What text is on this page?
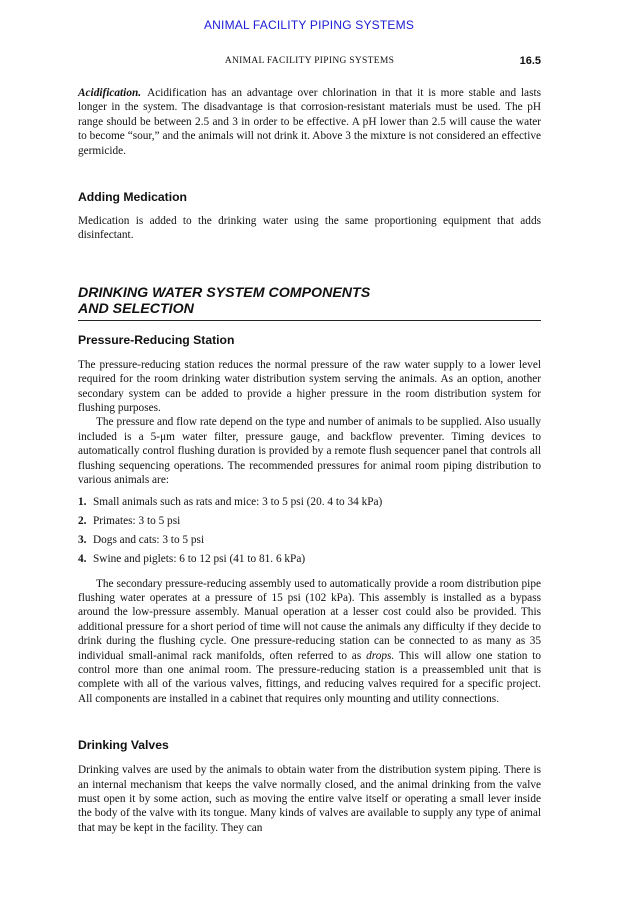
ANIMAL FACILITY PIPING SYSTEMS
ANIMAL FACILITY PIPING SYSTEMS	16.5

Acidification. Acidification has an advantage over chlorination in that it is more stable and lasts longer in the system. The disadvantage is that corrosion-resistant materials must be used. The pH range should be between 2.5 and 3 in order to be effective. A pH lower than 2.5 will cause the water to become “sour,” and the animals will not drink it. Above 3 the mixture is not considered an effective germicide.

Adding Medication

Medication is added to the drinking water using the same proportioning equipment that adds disinfectant.

DRINKING WATER SYSTEM COMPONENTS
AND SELECTION
Pressure-Reducing Station

The pressure-reducing station reduces the normal pressure of the raw water supply to a lower level required for the room drinking water distribution system serving the animals. As an option, another secondary system can be added to provide a higher pressure in the room distribution system for flushing purposes.

The pressure and flow rate depend on the type and number of animals to be supplied. Also usually included is a 5-μm water filter, pressure gauge, and backflow preventer. Timing devices to automatically control flushing duration is provided by a remote flush sequencer panel that controls all flushing sequencing operations. The recommended pressures for animal room piping distribution to various animals are:

1. Small animals such as rats and mice: 3 to 5 psi (20. 4 to 34 kPa)
2. Primates: 3 to 5 psi
3. Dogs and cats: 3 to 5 psi
4. Swine and piglets: 6 to 12 psi (41 to 81. 6 kPa)

The secondary pressure-reducing assembly used to automatically provide a room distribution pipe flushing water operates at a pressure of 15 psi (102 kPa). This assembly is installed as a bypass around the low-pressure assembly. Manual operation at a lesser cost could also be provided. This additional pressure for a short period of time will not cause the animals any difficulty if they decide to drink during the flushing cycle. One pressure-reducing station can be connected to as many as 35 individual small-animal rack manifolds, often referred to as drops. This will allow one station to control more than one animal room. The pressure-reducing station is a preassembled unit that is complete with all of the various valves, fittings, and reducing valves required for a specific project. All components are installed in a cabinet that requires only mounting and utility connections.

Drinking Valves

Drinking valves are used by the animals to obtain water from the distribution system piping. There is an internal mechanism that keeps the valve normally closed, and the animal drinking from the valve must open it by some action, such as moving the entire valve itself or operating a small lever inside the body of the valve with its tongue. Many kinds of valves are available to supply any type of animal that may be kept in the facility. They can
